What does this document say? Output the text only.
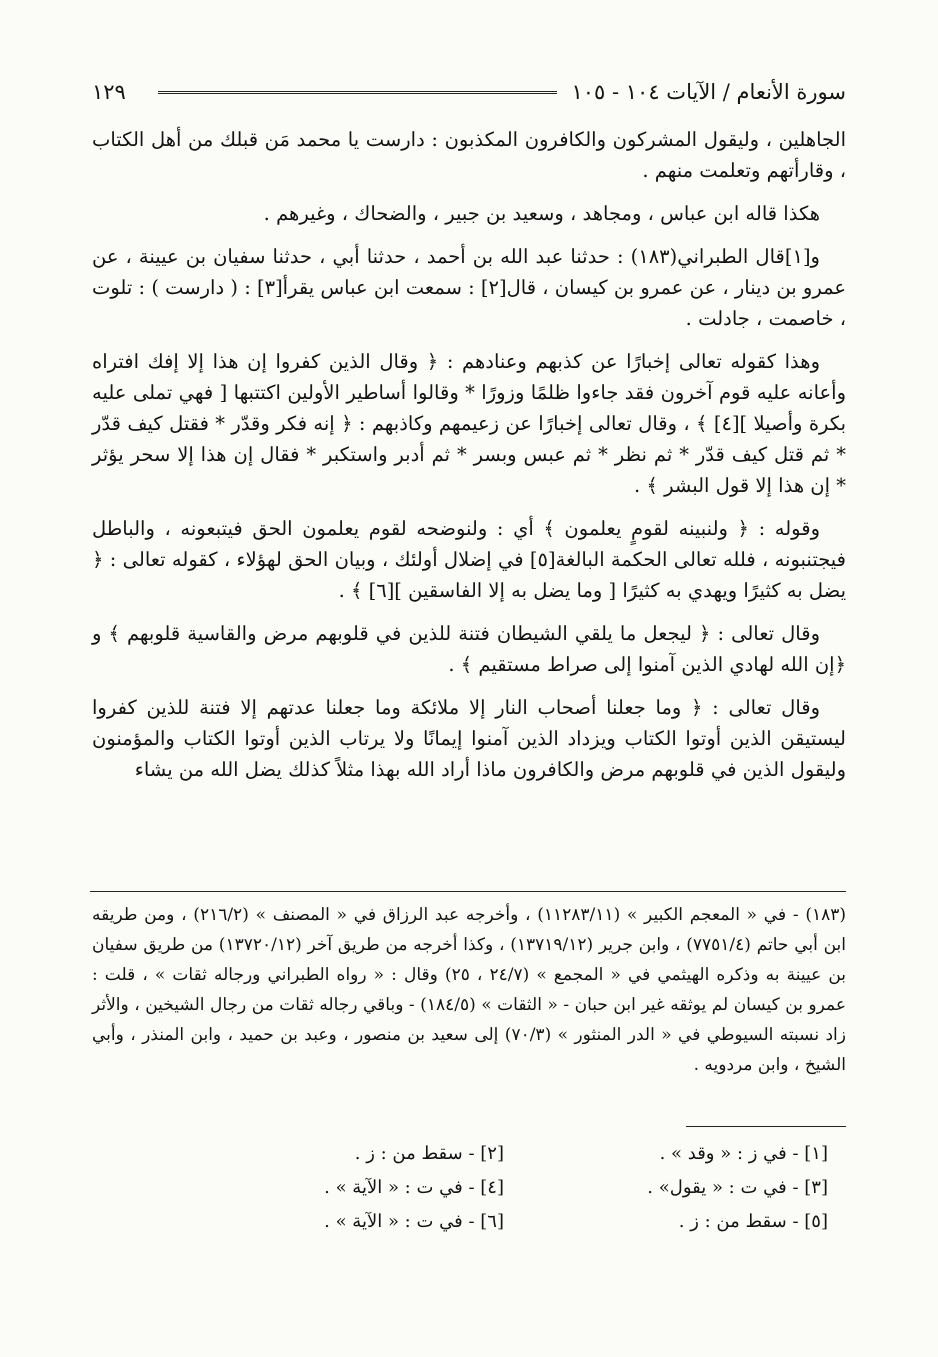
١٢٩	سورة الأنعام / الآيات ١٠٤ - ١٠٥

الجاهلين ، وليقول المشركون والكافرون المكذبون : دارست يا محمد مَن قبلك من أهل الكتاب ، وقارأتهم وتعلمت منهم .

هكذا قاله ابن عباس ، ومجاهد ، وسعيد بن جبير ، والضحاك ، وغيرهم .

و[١]قال الطبراني(١٨٣) : حدثنا عبد الله بن أحمد ، حدثنا أبي ، حدثنا سفيان بن عيينة ، عن عمرو بن دينار ، عن عمرو بن كيسان ، قال[٢] : سمعت ابن عباس يقرأ[٣] : ( دارست ) : تلوت ، خاصمت ، جادلت .

وهذا كقوله تعالى إخبارًا عن كذبهم وعنادهم : ﴿ وقال الذين كفروا إن هذا إلا إفك افتراه وأعانه عليه قوم آخرون فقد جاءوا ظلمًا وزورًا * وقالوا أساطير الأولين اكتتبها [ فهي تملى عليه بكرة وأصيلا ][٤] ﴾ ، وقال تعالى إخبارًا عن زعيمهم وكاذبهم : ﴿ إنه فكر وقدّر * فقتل كيف قدّر * ثم قتل كيف قدّر * ثم نظر * ثم عبس وبسر * ثم أدبر واستكبر * فقال إن هذا إلا سحر يؤثر * إن هذا إلا قول البشر ﴾ .

وقوله : ﴿ ولنبينه لقومٍ يعلمون ﴾ أي : ولنوضحه لقوم يعلمون الحق فيتبعونه ، والباطل فيجتنبونه ، فلله تعالى الحكمة البالغة[٥] في إضلال أولئك ، وبيان الحق لهؤلاء ، كقوله تعالى : ﴿ يضل به كثيرًا ويهدي به كثيرًا [ وما يضل به إلا الفاسقين ][٦] ﴾ .

وقال تعالى : ﴿ ليجعل ما يلقي الشيطان فتنة للذين في قلوبهم مرض والقاسية قلوبهم ﴾ و ﴿إن الله لهادي الذين آمنوا إلى صراط مستقيم ﴾ .

وقال تعالى : ﴿ وما جعلنا أصحاب النار إلا ملائكة وما جعلنا عدتهم إلا فتنة للذين كفروا ليستيقن الذين أوتوا الكتاب ويزداد الذين آمنوا إيمانًا ولا يرتاب الذين أوتوا الكتاب والمؤمنون وليقول الذين في قلوبهم مرض والكافرون ماذا أراد الله بهذا مثلاً كذلك يضل الله من يشاء

(١٨٣) - في « المعجم الكبير » (١١٢٨٣/١١) ، وأخرجه عبد الرزاق في « المصنف » (٢١٦/٢) ، ومن طريقه ابن أبي حاتم (٧٧٥١/٤) ، وابن جرير (١٣٧١٩/١٢) ، وكذا أخرجه من طريق آخر (١٣٧٢٠/١٢) من طريق سفيان بن عيينة به وذكره الهيثمي في « المجمع » (٢٤/٧ ، ٢٥) وقال : « رواه الطبراني ورجاله ثقات » ، قلت : عمرو بن كيسان لم يوثقه غير ابن حبان - « الثقات » (١٨٤/٥) - وباقي رجاله ثقات من رجال الشيخين ، والأثر زاد نسبته السيوطي في « الدر المنثور » (٧٠/٣) إلى سعيد بن منصور ، وعبد بن حميد ، وابن المنذر ، وأبي الشيخ ، وابن مردويه .

[١] - في ز : « وقد » .
[٢] - سقط من : ز .
[٣] - في ت : « يقول» .
[٤] - في ت : « الآية » .
[٥] - سقط من : ز .
[٦] - في ت : « الآية » .
